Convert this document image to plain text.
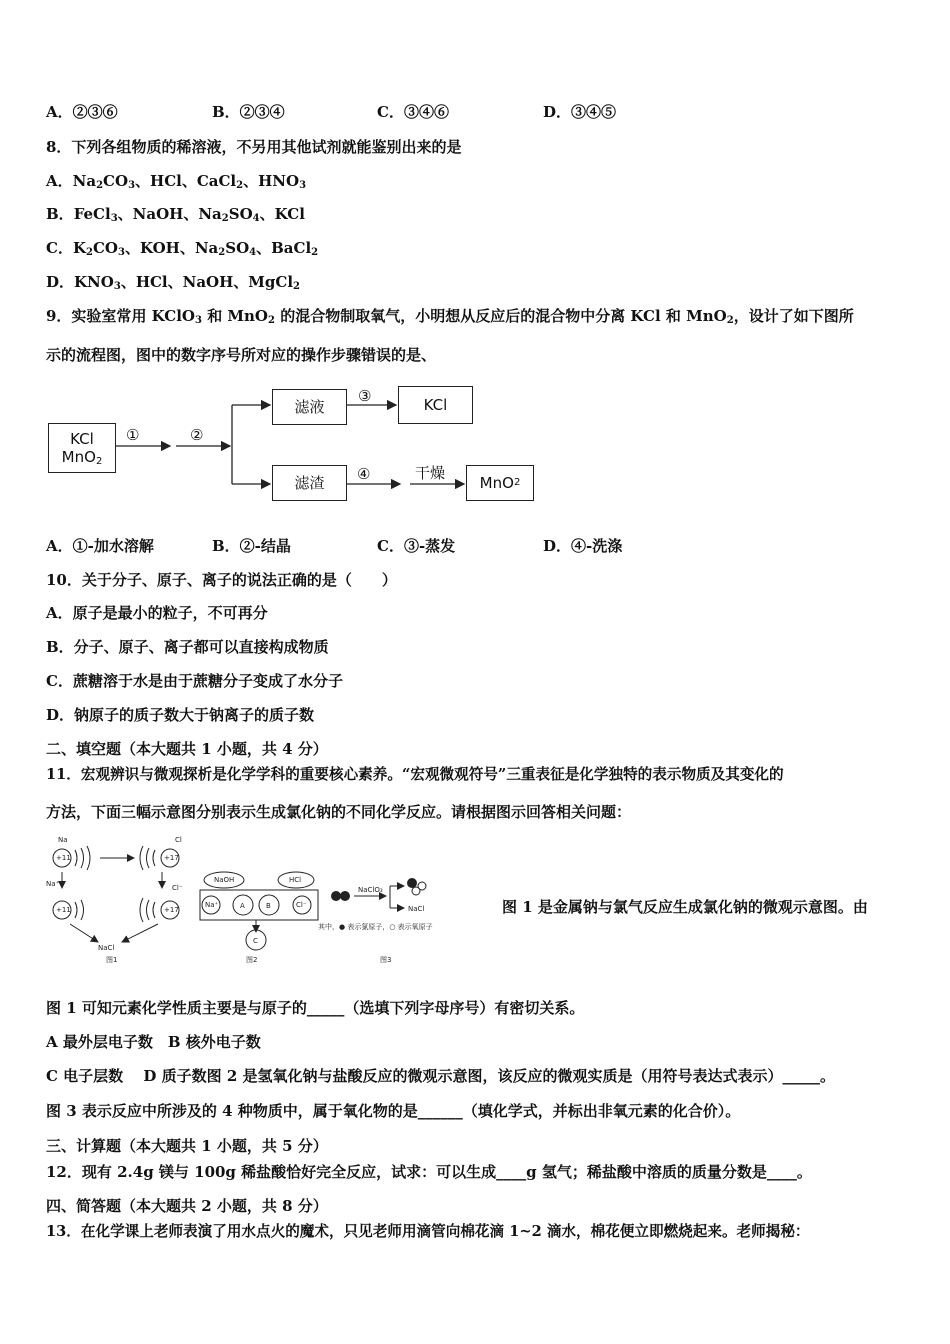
A．②③⑥	B．②③④	C．③④⑥	D．③④⑤
8．下列各组物质的稀溶液，不另用其他试剂就能鉴别出来的是
A．$Na_2CO_3$、HCl、CaCl$_2$、$HNO_3$
B．FeCl$_3$、NaOH、$Na_2SO_4$、KCl
C．$K_2CO_3$、KOH、$Na_2SO_4$、BaCl$_2$
D．$KNO_3$、HCl、NaOH、MgCl$_2$
9．实验室常用 KClO$_3$ 和 MnO$_2$ 的混合物制取氧气，小明想从反应后的混合物中分离 KCl 和 MnO$_2$，设计了如下图所
示的流程图，图中的数字序号所对应的操作步骤错误的是、
KCl
MnO$_2$
①	②
滤液
③	KCl
滤渣	④	干燥
MnO 2
A．①-加水溶解	B．②-结晶	C．③-蒸发	D．④-洗涤
10．关于分子、原子、离子的说法正确的是（　　）
A．原子是最小的粒子，不可再分
B．分子、原子、离子都可以直接构成物质
C．蔗糖溶于水是由于蔗糖分子变成了水分子
D．钠原子的质子数大于钠离子的质子数
二、填空题（本大题共 1 小题，共 4 分）
11．宏观辨识与微观探析是化学学科的重要核心素养。“宏观微观符号”三重表征是化学独特的表示物质及其变化的
方法，下面三幅示意图分别表示生成氯化钠的不同化学反应。请根据图示回答相关问题：
Na
+11	+17
Cl
Na⁺	Cl⁻
+11	+17
NaCl
图1
NaOH	HCl
Na⁺	A	B	Cl⁻
C
图2
NaClO₃
NaCl
其中，● 表示氯原子，○ 表示氧原子
图3
图 1 是金属钠与氯气反应生成氯化钠的微观示意图。由
图 1 可知元素化学性质主要是与原子的_____（选填下列字母序号）有密切关系。
A 最外层电子数　B 核外电子数
C 电子层数　 D 质子数图 2 是氢氧化钠与盐酸反应的微观示意图，该反应的微观实质是（用符号表达式表示）_____。
图 3 表示反应中所涉及的 4 种物质中，属于氧化物的是______（填化学式，并标出非氧元素的化合价）。
三、计算题（本大题共 1 小题，共 5 分）
12．现有 2.4g 镁与 100g 稀盐酸恰好完全反应，试求：可以生成____g 氢气；稀盐酸中溶质的质量分数是____。
四、简答题（本大题共 2 小题，共 8 分）
13．在化学课上老师表演了用水点火的魔术，只见老师用滴管向棉花滴 1~2 滴水，棉花便立即燃烧起来。老师揭秘：
